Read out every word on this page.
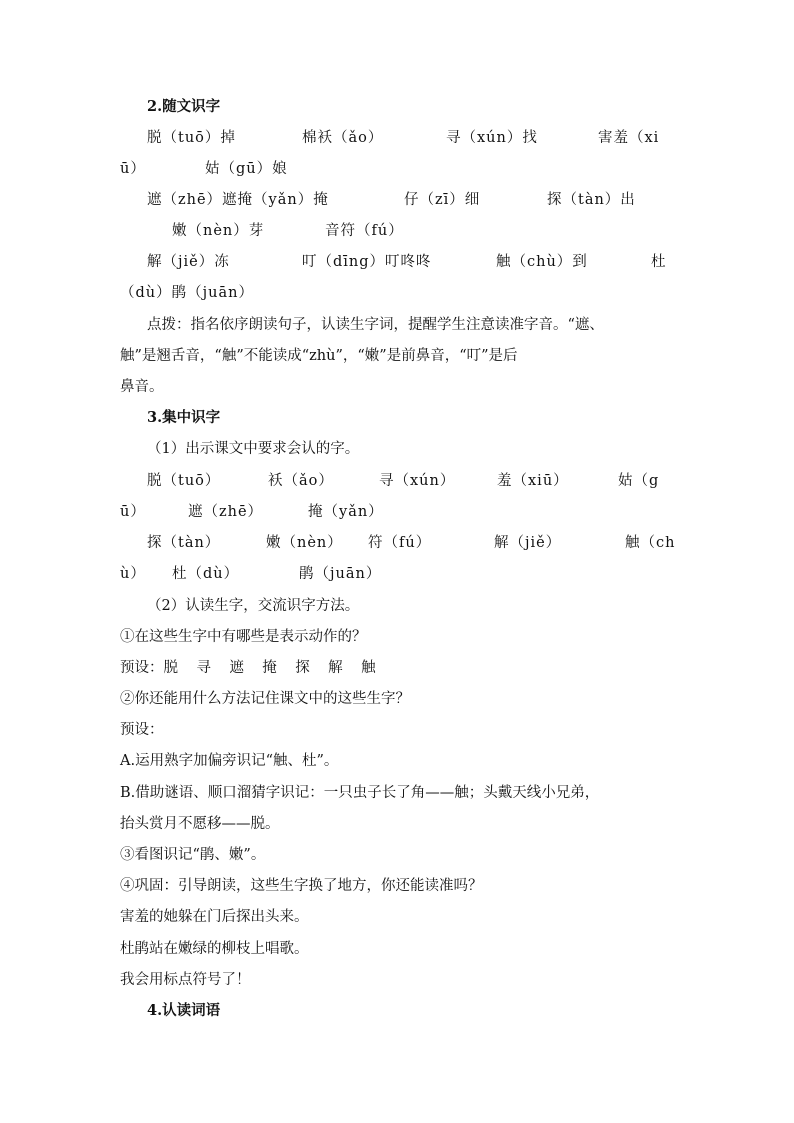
2.随文识字
脱（tuō）掉	棉袄（ǎo）	寻（xún）找	害羞（xi
ū）	姑（gū）娘
遮（zhē）遮掩（yǎn）掩	仔（zī）细	探（tàn）出
嫩（nèn）芽	音符（fú）
解（jiě）冻	叮（dīng）叮咚咚	触（chù）到	杜
（dù）鹃（juān）
点拨：指名依序朗读句子，认读生字词，提醒学生注意读准字音。“遮、
触”是翘舌音，“触”不能读成“zhù”，“嫩”是前鼻音，“叮”是后
鼻音。
3.集中识字
（1）出示课文中要求会认的字。
脱（tuō）	袄（ǎo）	寻（xún）	羞（xiū）	姑（g
ū）	遮（zhē）	掩（yǎn）
探（tàn）	嫩（nèn） 符（fú）	解（jiě）	触（ch
ù） 杜（dù）	鹃（juān）
（2）认读生字，交流识字方法。
①在这些生字中有哪些是表示动作的？
预设：脱    寻    遮    掩    探    解    触
②你还能用什么方法记住课文中的这些生字？
预设：
A.运用熟字加偏旁识记“触、杜”。
B.借助谜语、顺口溜猜字识记：一只虫子长了角——触；头戴天线小兄弟，
抬头赏月不愿移——脱。
③看图识记“鹃、嫩”。
④巩固：引导朗读，这些生字换了地方，你还能读准吗？
害羞的她躲在门后探出头来。
杜鹃站在嫩绿的柳枝上唱歌。
我会用标点符号了！
4.认读词语
